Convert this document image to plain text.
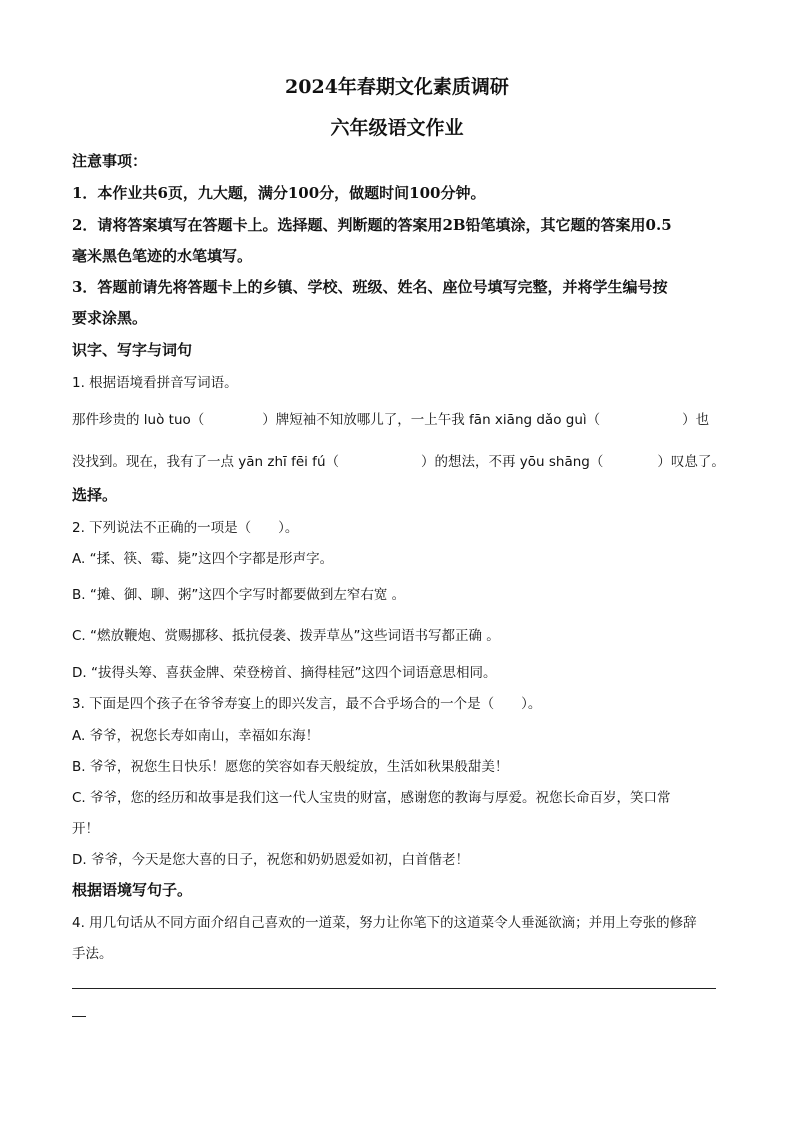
2024年春期文化素质调研
六年级语文作业
注意事项：
1．本作业共6页，九大题，满分100分，做题时间100分钟。
2．请将答案填写在答题卡上。选择题、判断题的答案用2B铅笔填涂，其它题的答案用0.5
毫米黑色笔迹的水笔填写。
3．答题前请先将答题卡上的乡镇、学校、班级、姓名、座位号填写完整，并将学生编号按
要求涂黑。
识字、写字与词句
1. 根据语境看拼音写词语。
那件珍贵的 luò tuo（	）牌短袖不知放哪儿了，一上午我 fān xiāng dǎo guì（	）也
没找到。现在，我有了一点 yān zhī fēi fú（	）的想法，不再 yōu shāng（	）叹息了。
选择。
2. 下列说法不正确的一项是（　　）。
A. “揉、筷、霉、毙”这四个字都是形声字。
B. “摊、御、聊、粥”这四个字写时都要做到左窄右宽 。
C. “燃放鞭炮、赏赐挪移、抵抗侵袭、拨弄草丛”这些词语书写都正确 。
D. “拔得头筹、喜获金牌、荣登榜首、摘得桂冠”这四个词语意思相同。
3. 下面是四个孩子在爷爷寿宴上的即兴发言，最不合乎场合的一个是（　　）。
A. 爷爷，祝您长寿如南山，幸福如东海！
B. 爷爷，祝您生日快乐！愿您的笑容如春天般绽放，生活如秋果般甜美！
C. 爷爷，您的经历和故事是我们这一代人宝贵的财富，感谢您的教诲与厚爱。祝您长命百岁，笑口常
开！
D. 爷爷，今天是您大喜的日子，祝您和奶奶恩爱如初，白首偕老！
根据语境写句子。
4. 用几句话从不同方面介绍自己喜欢的一道菜，努力让你笔下的这道菜令人垂涎欲滴；并用上夸张的修辞
手法。
